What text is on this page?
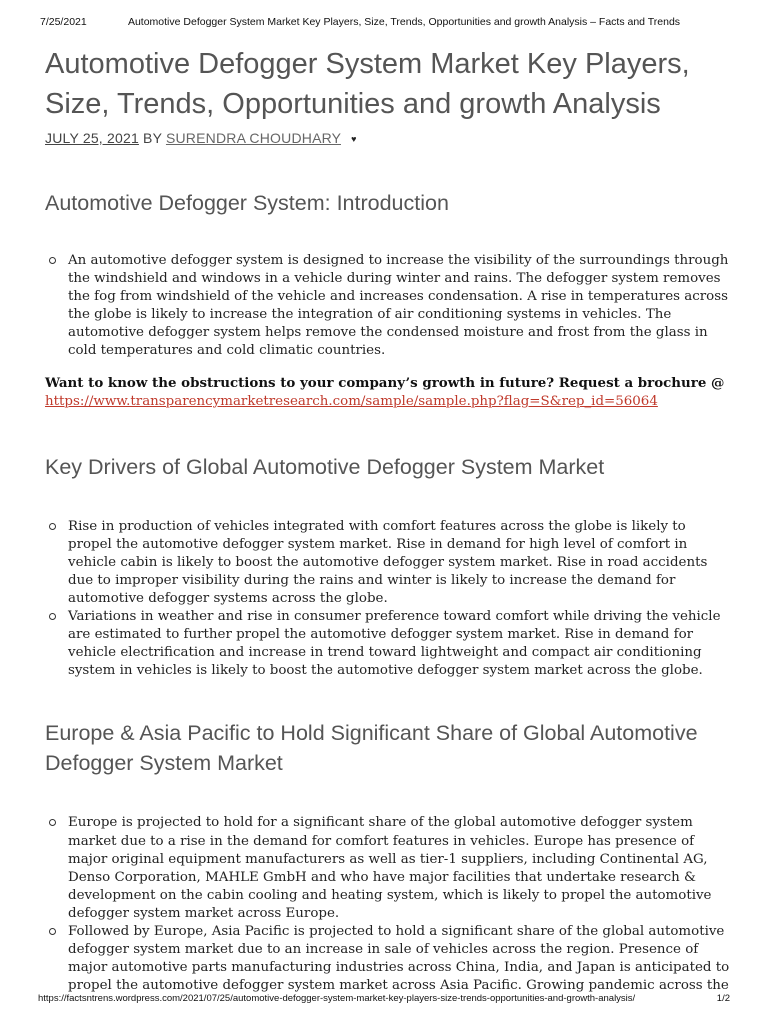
7/25/2021	Automotive Defogger System Market Key Players, Size, Trends, Opportunities and growth Analysis – Facts and Trends
Automotive Defogger System Market Key Players, Size, Trends, Opportunities and growth Analysis
JULY 25, 2021 BY SURENDRA CHOUDHARY ♥
Automotive Defogger System: Introduction
An automotive defogger system is designed to increase the visibility of the surroundings through the windshield and windows in a vehicle during winter and rains. The defogger system removes the fog from windshield of the vehicle and increases condensation. A rise in temperatures across the globe is likely to increase the integration of air conditioning systems in vehicles. The automotive defogger system helps remove the condensed moisture and frost from the glass in cold temperatures and cold climatic countries.
Want to know the obstructions to your company’s growth in future? Request a brochure @
https://www.transparencymarketresearch.com/sample/sample.php?flag=S&rep_id=56064
Key Drivers of Global Automotive Defogger System Market
Rise in production of vehicles integrated with comfort features across the globe is likely to propel the automotive defogger system market. Rise in demand for high level of comfort in vehicle cabin is likely to boost the automotive defogger system market. Rise in road accidents due to improper visibility during the rains and winter is likely to increase the demand for automotive defogger systems across the globe.
Variations in weather and rise in consumer preference toward comfort while driving the vehicle are estimated to further propel the automotive defogger system market. Rise in demand for vehicle electrification and increase in trend toward lightweight and compact air conditioning system in vehicles is likely to boost the automotive defogger system market across the globe.
Europe & Asia Pacific to Hold Significant Share of Global Automotive Defogger System Market
Europe is projected to hold for a significant share of the global automotive defogger system market due to a rise in the demand for comfort features in vehicles. Europe has presence of major original equipment manufacturers as well as tier-1 suppliers, including Continental AG, Denso Corporation, MAHLE GmbH and who have major facilities that undertake research & development on the cabin cooling and heating system, which is likely to propel the automotive defogger system market across Europe.
Followed by Europe, Asia Pacific is projected to hold a significant share of the global automotive defogger system market due to an increase in sale of vehicles across the region. Presence of major automotive parts manufacturing industries across China, India, and Japan is anticipated to propel the automotive defogger system market across Asia Pacific. Growing pandemic across the
https://factsntrens.wordpress.com/2021/07/25/automotive-defogger-system-market-key-players-size-trends-opportunities-and-growth-analysis/	1/2
